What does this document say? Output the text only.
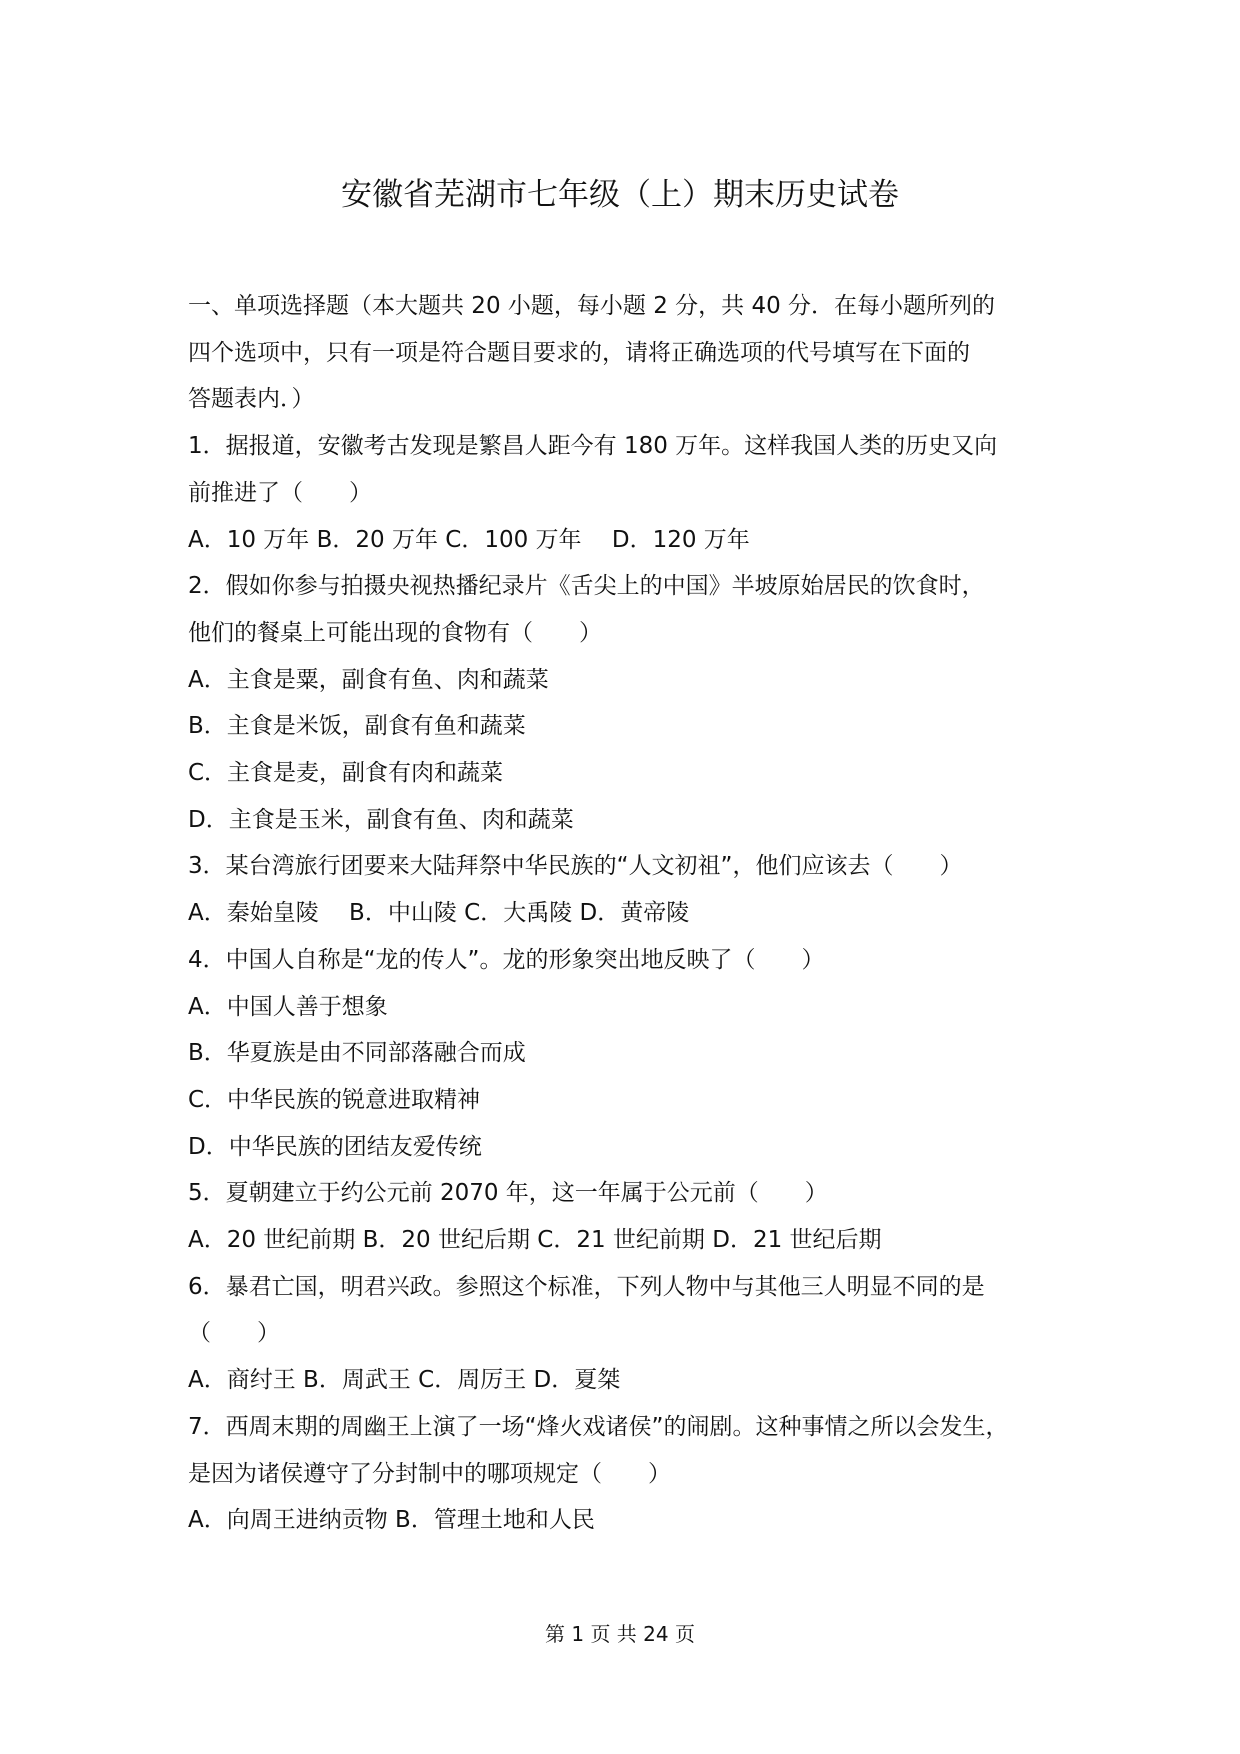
安徽省芜湖市七年级（上）期末历史试卷
一、单项选择题（本大题共 20 小题，每小题 2 分，共 40 分．在每小题所列的
四个选项中，只有一项是符合题目要求的，请将正确选项的代号填写在下面的
答题表内．）
1．据报道，安徽考古发现是繁昌人距今有 180 万年。这样我国人类的历史又向
前推进了（　　）
A．10 万年 B．20 万年 C．100 万年　 D．120 万年
2．假如你参与拍摄央视热播纪录片《舌尖上的中国》半坡原始居民的饮食时，
他们的餐桌上可能出现的食物有（　　）
A．主食是粟，副食有鱼、肉和蔬菜
B．主食是米饭，副食有鱼和蔬菜
C．主食是麦，副食有肉和蔬菜
D．主食是玉米，副食有鱼、肉和蔬菜
3．某台湾旅行团要来大陆拜祭中华民族的“人文初祖”，他们应该去（　　）
A．秦始皇陵　 B．中山陵 C．大禹陵 D．黄帝陵
4．中国人自称是“龙的传人”。龙的形象突出地反映了（　　）
A．中国人善于想象
B．华夏族是由不同部落融合而成
C．中华民族的锐意进取精神
D．中华民族的团结友爱传统
5．夏朝建立于约公元前 2070 年，这一年属于公元前（　　）
A．20 世纪前期 B．20 世纪后期 C．21 世纪前期 D．21 世纪后期
6．暴君亡国，明君兴政。参照这个标准，下列人物中与其他三人明显不同的是
（　　）
A．商纣王 B．周武王 C．周厉王 D．夏桀
7．西周末期的周幽王上演了一场“烽火戏诸侯”的闹剧。这种事情之所以会发生，
是因为诸侯遵守了分封制中的哪项规定（　　）
A．向周王进纳贡物 B．管理土地和人民
第 1 页 共 24 页
